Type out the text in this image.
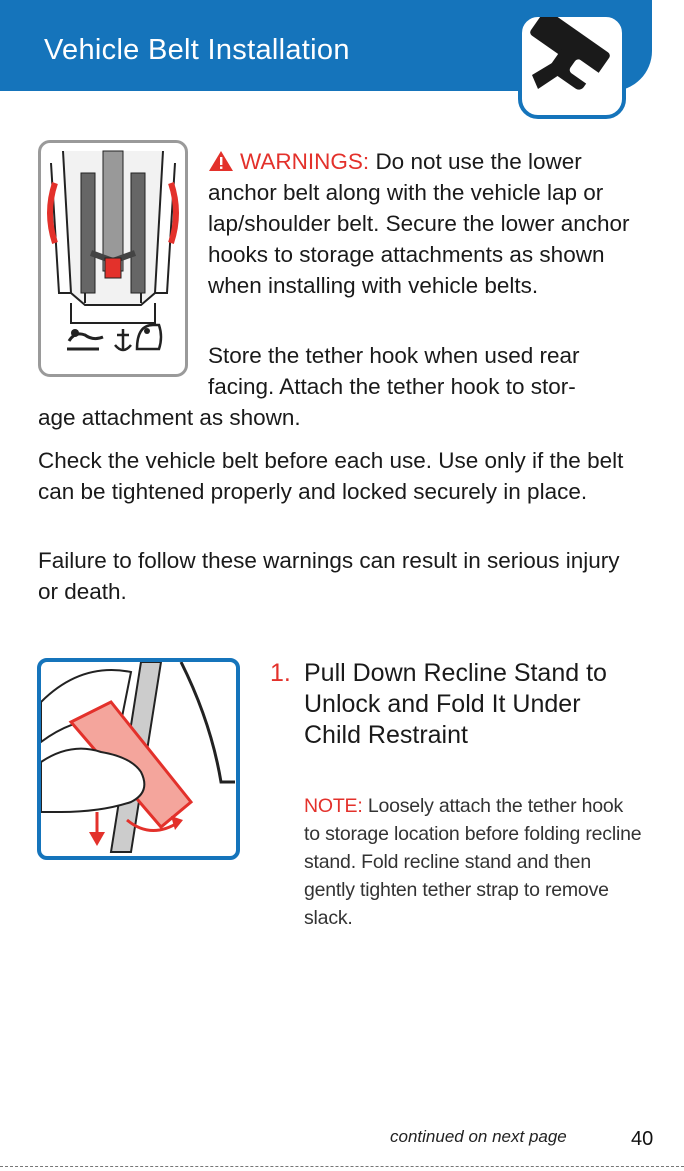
Vehicle Belt Installation
WARNINGS: Do not use the lower anchor belt along with the vehicle lap or lap/shoulder belt. Secure the lower anchor hooks to storage attachments as shown when installing with vehicle belts.
Store the tether hook when used rear facing. Attach the tether hook to stor-
age attachment as shown.
Check the vehicle belt before each use. Use only if the belt can be tightened properly and locked securely in place.
Failure to follow these warnings can result in serious injury or death.
1. Pull Down Recline Stand to Unlock and Fold It Under Child Restraint
NOTE: Loosely attach the tether hook to storage location before folding recline stand. Fold recline stand and then gently tighten tether strap to remove slack.
continued on next page	40
